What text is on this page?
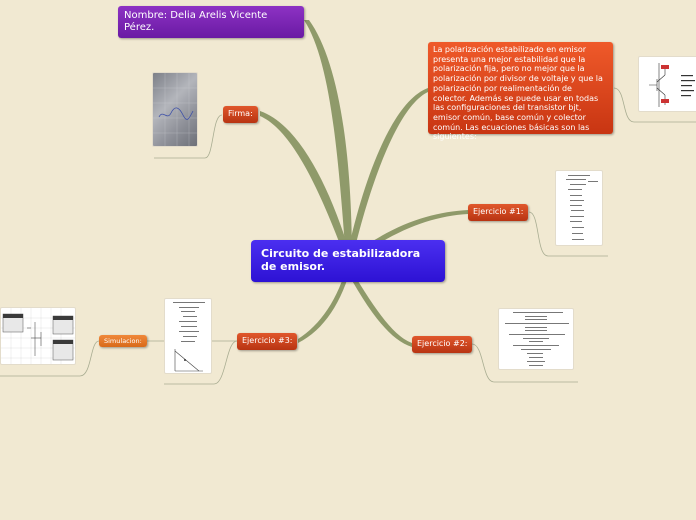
Circuito de estabilizadora de emisor.
Nombre: Delia Arelis Vicente Pérez.
La polarización estabilizado en emisor presenta una mejor estabilidad que la polarización fija, pero no mejor que la polarización por divisor de voltaje y que la polarización por realimentación de colector. Además se puede usar en todas las configuraciones del transistor bjt, emisor común, base común y colector común. Las ecuaciones básicas son las siguientes:
Firma:
Ejercicio #1:
Ejercicio #2:
Ejercicio #3:
Simulacion:
